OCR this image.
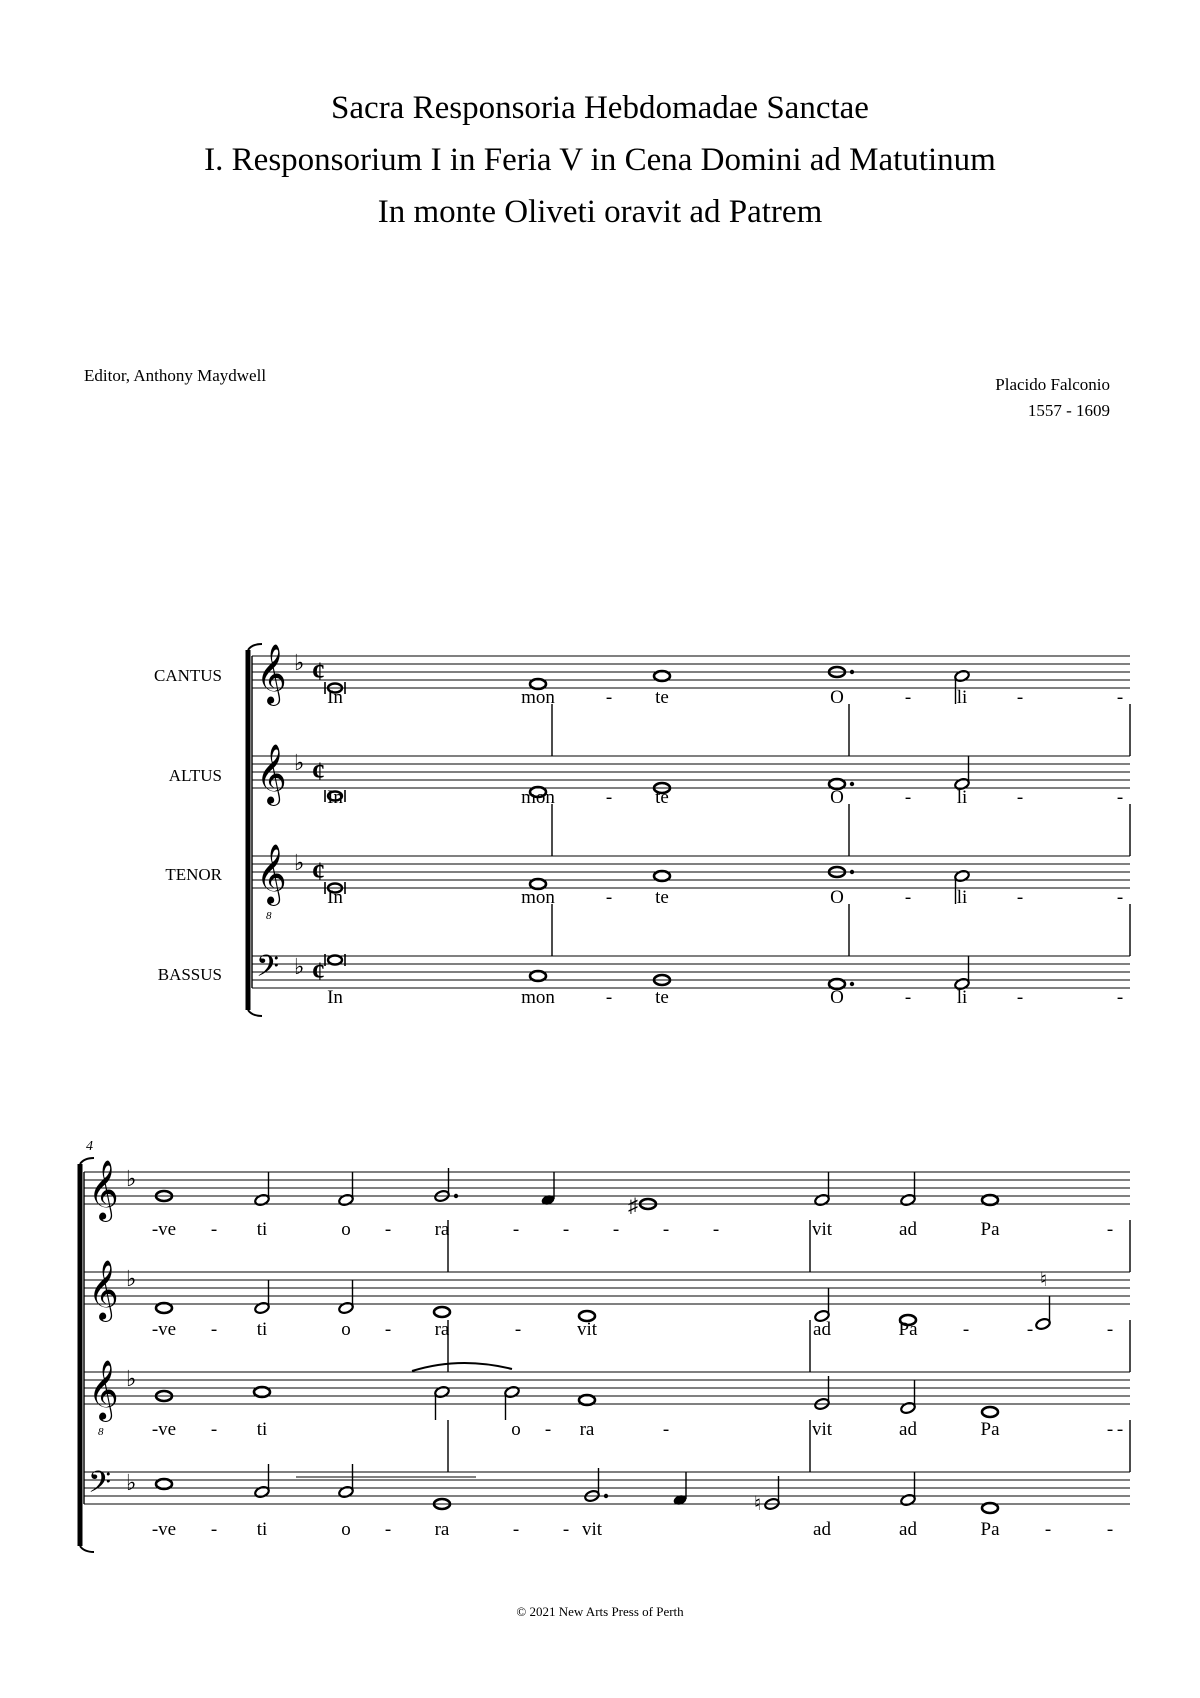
Sacra Responsoria Hebdomadae Sanctae
I. Responsorium I in Feria V in Cena Domini ad Matutinum
In monte Oliveti oravit ad Patrem
Editor, Anthony Maydwell	Placido Falconio
1557 - 1609
CANTUS
ALTUS
TENOR
BASSUS
4
𝄞 ♭ ¢
𝄞 ♭ ¢
𝄞
8
♭ ¢
𝄢 ♭ ¢
𝄞 ♭
𝄞 ♭
𝄞
8
♭
𝄢 ♭
In	mon	- te	O	- li	-	-
In	mon	- te	O	- li	-	-
In	mon	- te	O	- li	-	-
In	mon	- te	O	- li	-	-
♯
♮
♮
-ve - ti	o - ra	- - - - -	vit	ad	Pa	-
-ve - ti	o - ra	-	vit	ad	Pa -	-	-
-ve - ti	o - ra	-	vit	ad	Pa	- -
-ve - ti	o - ra	- - vit	ad	ad	Pa -	-
© 2021 New Arts Press of Perth
